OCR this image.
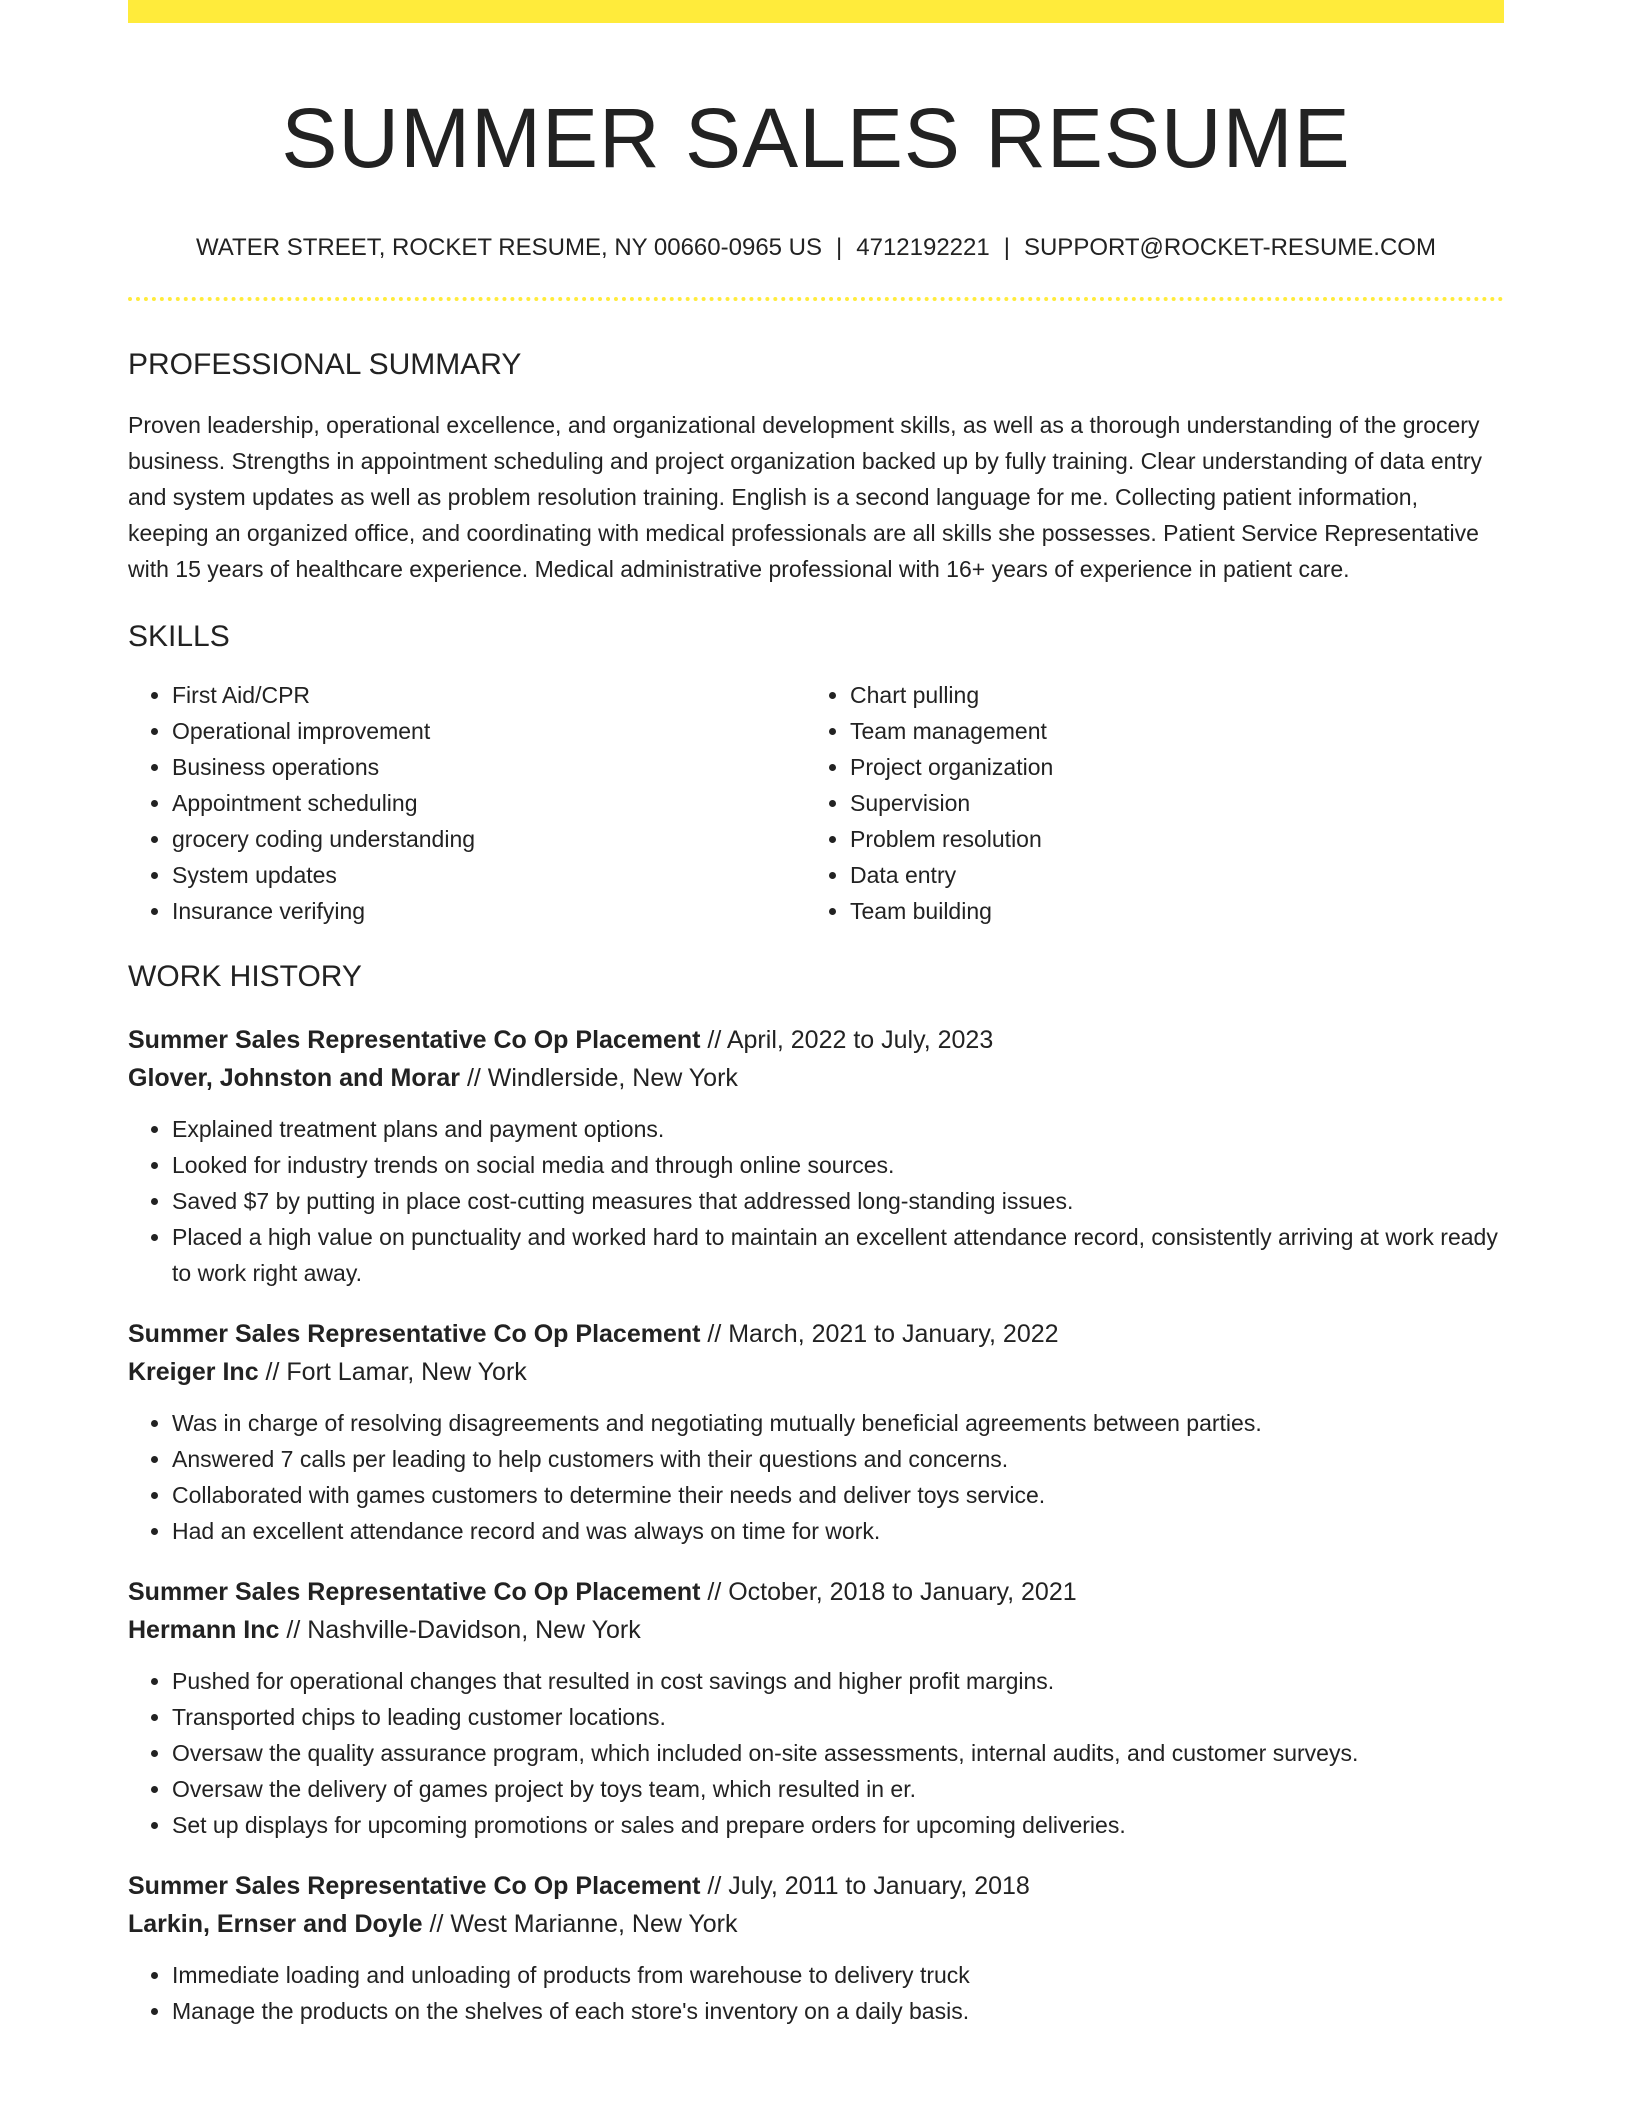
SUMMER SALES RESUME
WATER STREET, ROCKET RESUME, NY 00660-0965 US | 4712192221 | SUPPORT@ROCKET-RESUME.COM
PROFESSIONAL SUMMARY

Proven leadership, operational excellence, and organizational development skills, as well as a thorough understanding of the grocery business. Strengths in appointment scheduling and project organization backed up by fully training. Clear understanding of data entry and system updates as well as problem resolution training. English is a second language for me. Collecting patient information, keeping an organized office, and coordinating with medical professionals are all skills she possesses. Patient Service Representative with 15 years of healthcare experience. Medical administrative professional with 16+ years of experience in patient care.

SKILLS
• First Aid/CPR
• Operational improvement
• Business operations
• Appointment scheduling
• grocery coding understanding
• System updates
• Insurance verifying
• Chart pulling
• Team management
• Project organization
• Supervision
• Problem resolution
• Data entry
• Team building
WORK HISTORY
Summer Sales Representative Co Op Placement // April, 2022 to July, 2023
Glover, Johnston and Morar // Windlerside, New York
• Explained treatment plans and payment options.
• Looked for industry trends on social media and through online sources.
• Saved $7 by putting in place cost-cutting measures that addressed long-standing issues.
• Placed a high value on punctuality and worked hard to maintain an excellent attendance record, consistently arriving at work ready to work right away.
Summer Sales Representative Co Op Placement // March, 2021 to January, 2022
Kreiger Inc // Fort Lamar, New York
• Was in charge of resolving disagreements and negotiating mutually beneficial agreements between parties.
• Answered 7 calls per leading to help customers with their questions and concerns.
• Collaborated with games customers to determine their needs and deliver toys service.
• Had an excellent attendance record and was always on time for work.
Summer Sales Representative Co Op Placement // October, 2018 to January, 2021
Hermann Inc // Nashville-Davidson, New York
• Pushed for operational changes that resulted in cost savings and higher profit margins.
• Transported chips to leading customer locations.
• Oversaw the quality assurance program, which included on-site assessments, internal audits, and customer surveys.
• Oversaw the delivery of games project by toys team, which resulted in er.
• Set up displays for upcoming promotions or sales and prepare orders for upcoming deliveries.
Summer Sales Representative Co Op Placement // July, 2011 to January, 2018
Larkin, Ernser and Doyle // West Marianne, New York
• Immediate loading and unloading of products from warehouse to delivery truck
• Manage the products on the shelves of each store's inventory on a daily basis.
